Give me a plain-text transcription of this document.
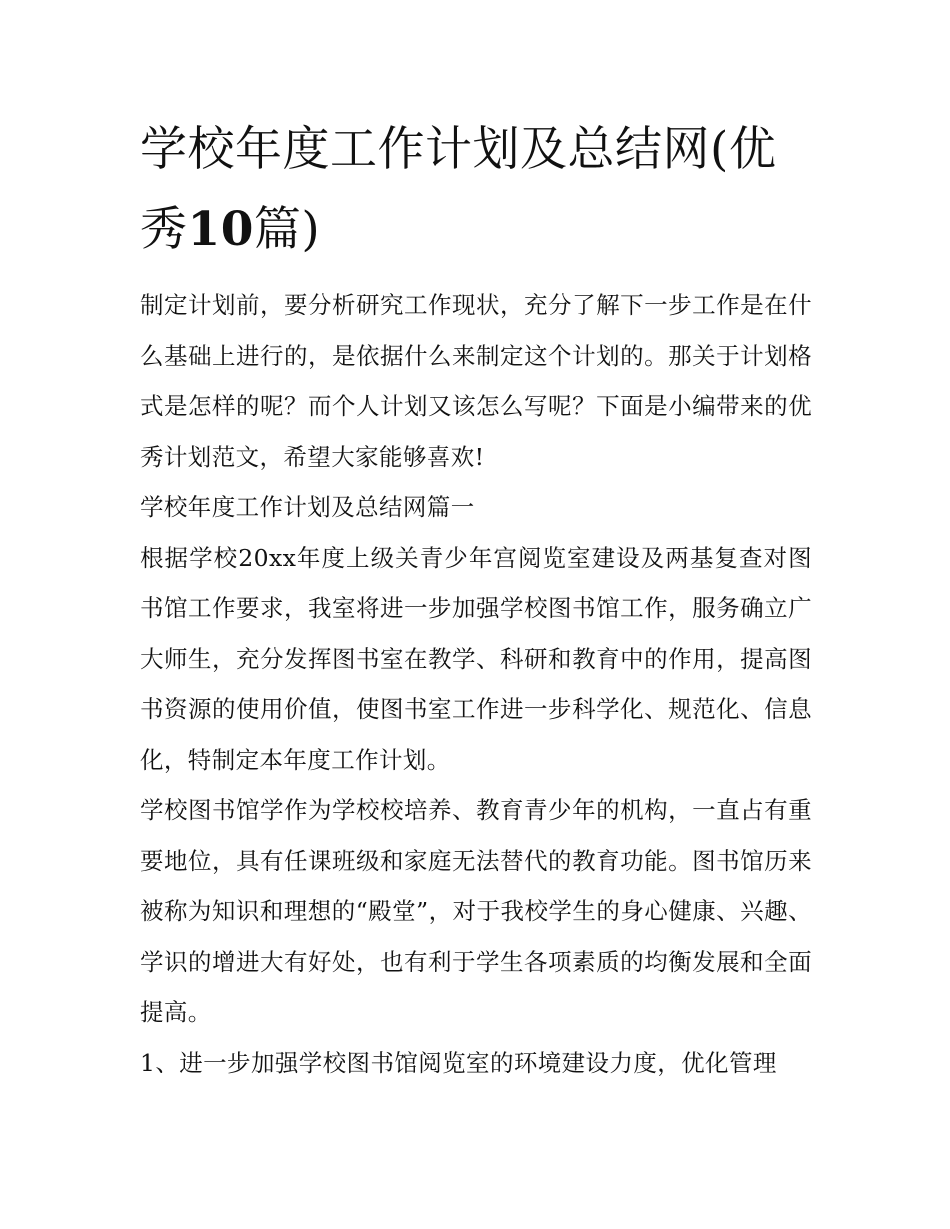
学校年度工作计划及总结网(优
秀10篇)

制定计划前，要分析研究工作现状，充分了解下一步工作是在什么基础上进行的，是依据什么来制定这个计划的。那关于计划格式是怎样的呢？而个人计划又该怎么写呢？下面是小编带来的优秀计划范文，希望大家能够喜欢!

学校年度工作计划及总结网篇一

根据学校20xx年度上级关青少年宫阅览室建设及两基复查对图书馆工作要求，我室将进一步加强学校图书馆工作，服务确立广大师生，充分发挥图书室在教学、科研和教育中的作用，提高图书资源的使用价值，使图书室工作进一步科学化、规范化、信息化，特制定本年度工作计划。

学校图书馆学作为学校校培养、教育青少年的机构，一直占有重要地位，具有任课班级和家庭无法替代的教育功能。图书馆历来被称为知识和理想的“殿堂”，对于我校学生的身心健康、兴趣、学识的增进大有好处，也有利于学生各项素质的均衡发展和全面提高。

1、进一步加强学校图书馆阅览室的环境建设力度，优化管理
